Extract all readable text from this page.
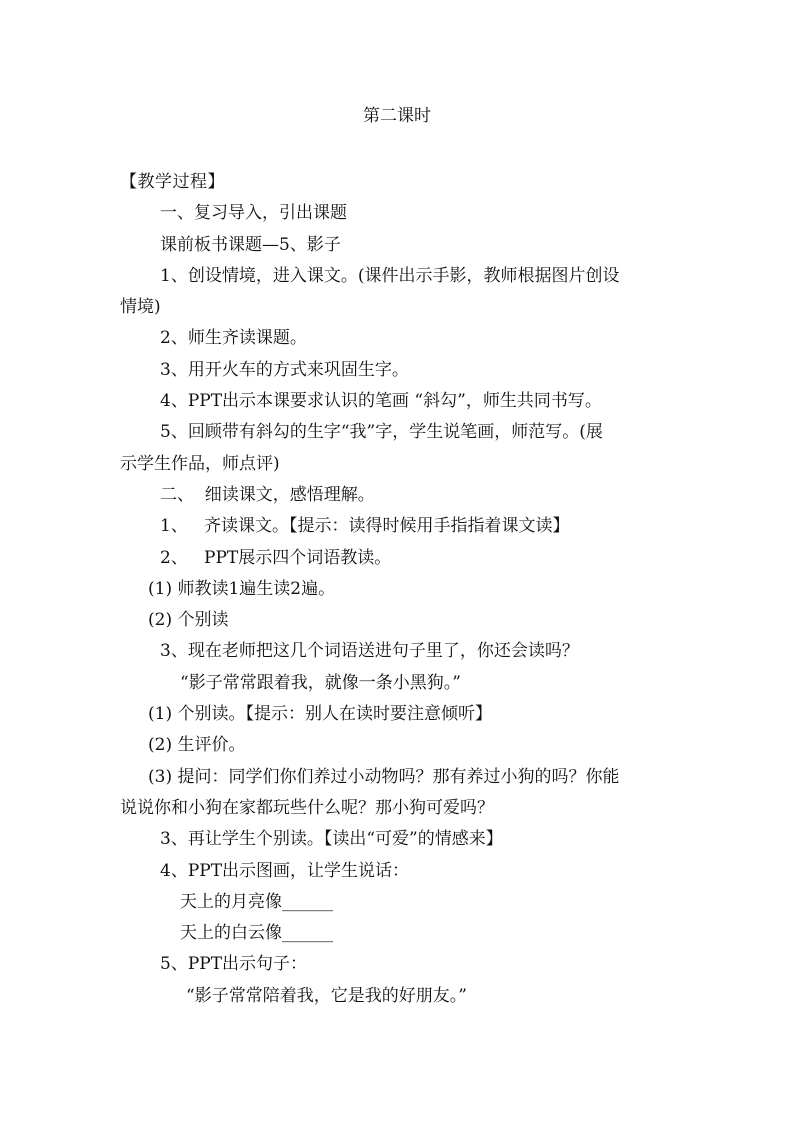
第二课时

【教学过程】

一、复习导入，引出课题

课前板书课题—5、影子

1、创设情境，进入课文。(课件出示手影，教师根据图片创设

情境)

2、师生齐读课题。

3、用开火车的方式来巩固生字。

4、PPT出示本课要求认识的笔画 “斜勾”，师生共同书写。

5、回顾带有斜勾的生字“我”字，学生说笔画，师范写。(展

示学生作品，师点评)

二、  细读课文，感悟理解。

1、   齐读课文。【提示：读得时候用手指指着课文读】

2、   PPT展示四个词语教读。

(1) 师教读1遍生读2遍。

(2) 个别读

3、现在老师把这几个词语送进句子里了，你还会读吗？

“影子常常跟着我，就像一条小黑狗。”

(1) 个别读。【提示：别人在读时要注意倾听】

(2) 生评价。

(3) 提问：同学们你们养过小动物吗？那有养过小狗的吗？你能

说说你和小狗在家都玩些什么呢？那小狗可爱吗？

3、再让学生个别读。【读出“可爱”的情感来】

4、PPT出示图画，让学生说话：

天上的月亮像______

天上的白云像______

5、PPT出示句子：

“影子常常陪着我，它是我的好朋友。”
